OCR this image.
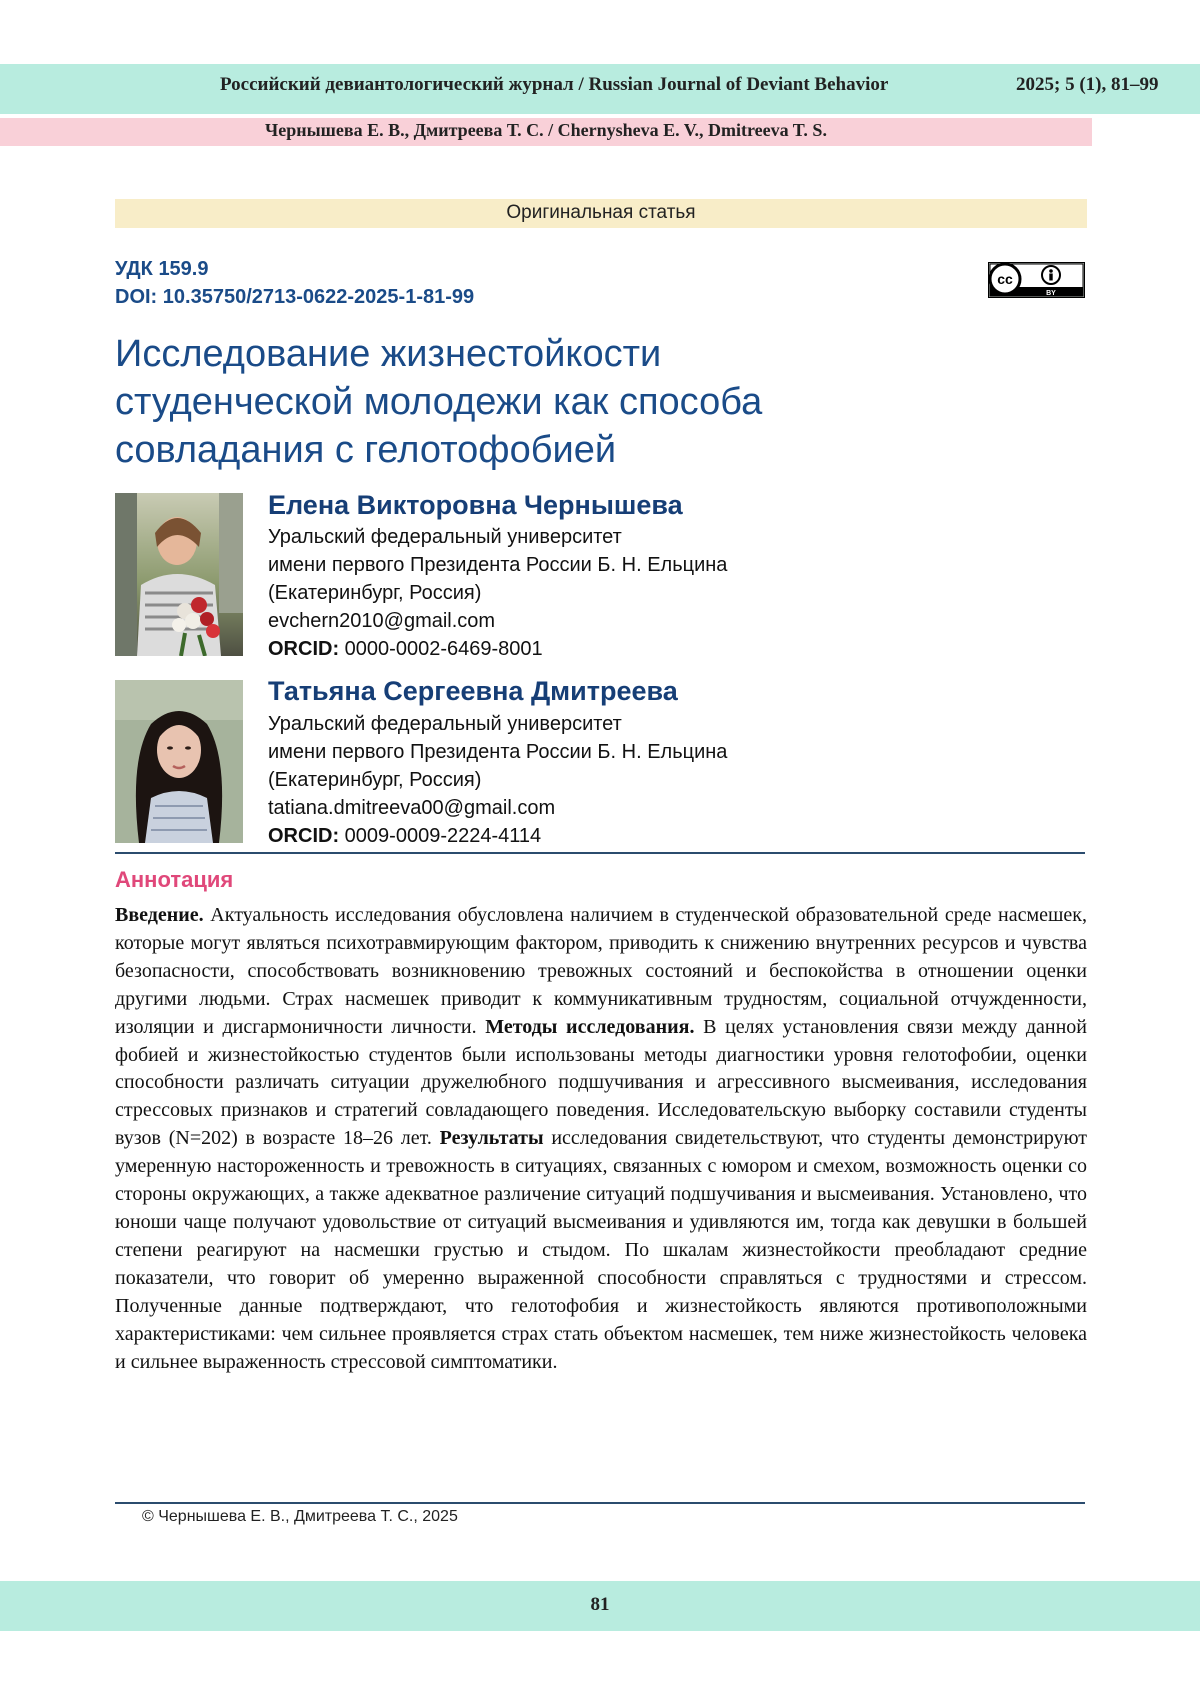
Российский девиантологический журнал / Russian Journal of Deviant Behavior	2025; 5 (1), 81–99
Чернышева Е. В., Дмитреева Т. С. / Chernysheva E. V., Dmitreeva T. S.
Оригинальная статья
УДК 159.9
DOI: 10.35750/2713-0622-2025-1-81-99
cc
BY
Исследование жизнестойкости
студенческой молодежи как способа
совладания с гелотофобией
Елена Викторовна Чернышева
Уральский федеральный университет
имени первого Президента России Б. Н. Ельцина
(Екатеринбург, Россия)
evchern2010@gmail.com
ORCID: 0000-0002-6469-8001
Татьяна Сергеевна Дмитреева
Уральский федеральный университет
имени первого Президента России Б. Н. Ельцина
(Екатеринбург, Россия)
tatiana.dmitreeva00@gmail.com
ORCID: 0009-0009-2224-4114
Аннотация
Введение. Актуальность исследования обусловлена наличием в студенческой образовательной среде насмешек, которые могут являться психотравмирующим фактором, приводить к снижению внутренних ресурсов и чувства безопасности, способствовать возникновению тревожных состояний и беспокойства в отношении оценки другими людьми. Страх насмешек приводит к коммуникативным трудностям, социальной отчужденности, изоляции и дисгармоничности личности. Методы исследования. В целях установления связи между данной фобией и жизнестойкостью студентов были использованы методы диагностики уровня гелотофобии, оценки способности различать ситуации дружелюбного подшучивания и агрессивного высмеивания, исследования стрессовых признаков и стратегий совладающего поведения. Исследовательскую выборку составили студенты вузов (N=202) в возрасте 18–26 лет. Результаты исследования свидетельствуют, что студенты демонстрируют умеренную настороженность и тревожность в ситуациях, связанных с юмором и смехом, возможность оценки со стороны окружающих, а также адекватное различение ситуаций подшучивания и высмеивания. Установлено, что юноши чаще получают удовольствие от ситуаций высмеивания и удивляются им, тогда как девушки в большей степени реагируют на насмешки грустью и стыдом. По шкалам жизнестойкости преобладают средние показатели, что говорит об умеренно выраженной способности справляться с трудностями и стрессом. Полученные данные подтверждают, что гелотофобия и жизнестойкость являются противоположными характеристиками: чем сильнее проявляется страх стать объектом насмешек, тем ниже жизнестойкость человека и сильнее выраженность стрессовой симптоматики.
© Чернышева Е. В., Дмитреева Т. С., 2025
81
